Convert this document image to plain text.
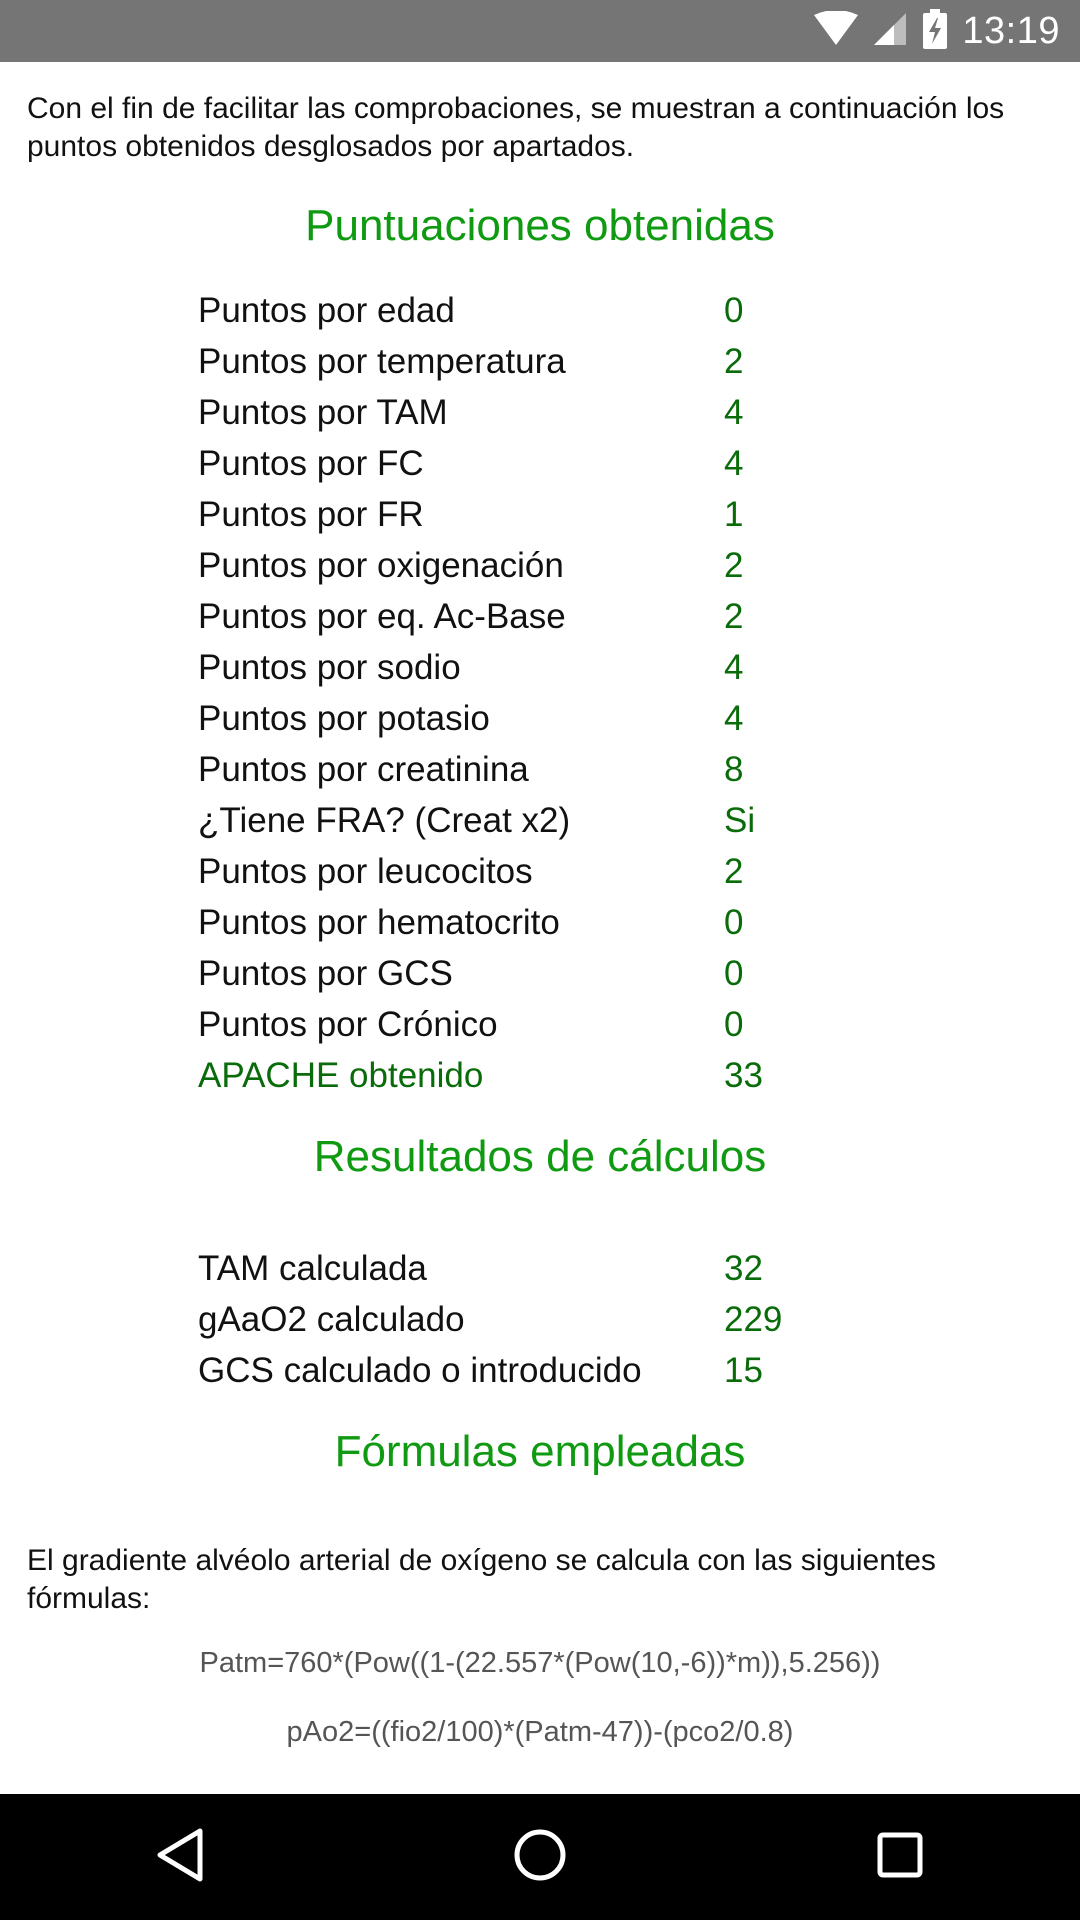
13:19

Con el fin de facilitar las comprobaciones, se muestran a continuación los puntos obtenidos desglosados por apartados.

Puntuaciones obtenidas
Puntos por edad	0
Puntos por temperatura	2
Puntos por TAM	4
Puntos por FC	4
Puntos por FR	1
Puntos por oxigenación	2
Puntos por eq. Ac-Base	2
Puntos por sodio	4
Puntos por potasio	4
Puntos por creatinina	8
¿Tiene FRA? (Creat x2)	Si
Puntos por leucocitos	2
Puntos por hematocrito	0
Puntos por GCS	0
Puntos por Crónico	0
APACHE obtenido	33
Resultados de cálculos
TAM calculada	32
gAaO2 calculado	229
GCS calculado o introducido	15
Fórmulas empleadas

El gradiente alvéolo arterial de oxígeno se calcula con las siguientes fórmulas:

Patm=760*(Pow((1-(22.557*(Pow(10,-6))*m)),5.256))

pAo2=((fio2/100)*(Patm-47))-(pco2/0.8)
